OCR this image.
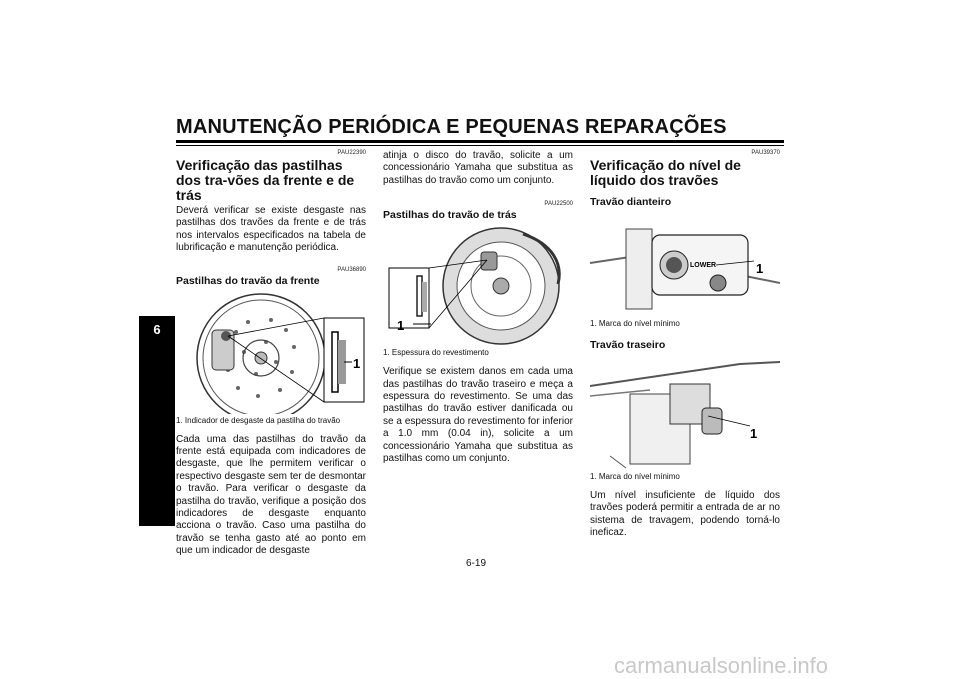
MANUTENÇÃO PERIÓDICA E PEQUENAS REPARAÇÕES
6
PAU22390
Verificação das pastilhas dos tra-vões da frente e de trás
Deverá verificar se existe desgaste nas pastilhas dos travões da frente e de trás nos intervalos especificados na tabela de lubrificação e manutenção periódica.
PAU36890
Pastilhas do travão da frente
1
1. Indicador de desgaste da pastilha do travão
Cada uma das pastilhas do travão da frente está equipada com indicadores de desgaste, que lhe permitem verificar o respectivo desgaste sem ter de desmontar o travão. Para verificar o desgaste da pastilha do travão, verifique a posição dos indicadores de desgaste enquanto acciona o travão. Caso uma pastilha do travão se tenha gasto até ao ponto em que um indicador de desgaste
atinja o disco do travão, solicite a um concessionário Yamaha que substitua as pastilhas do travão como um conjunto.
PAU22500
Pastilhas do travão de trás
1
1. Espessura do revestimento
Verifique se existem danos em cada uma das pastilhas do travão traseiro e meça a espessura do revestimento. Se uma das pastilhas do travão estiver danificada ou se a espessura do revestimento for inferior a 1.0 mm (0.04 in), solicite a um concessionário Yamaha que substitua as pastilhas como um conjunto.
PAU39370
Verificação do nível de líquido dos travões
Travão dianteiro
LOWER	1
1. Marca do nível mínimo
Travão traseiro
1
1. Marca do nível mínimo
Um nível insuficiente de líquido dos travões poderá permitir a entrada de ar no sistema de travagem, podendo torná-lo ineficaz.
6-19
carmanualsonline.info
